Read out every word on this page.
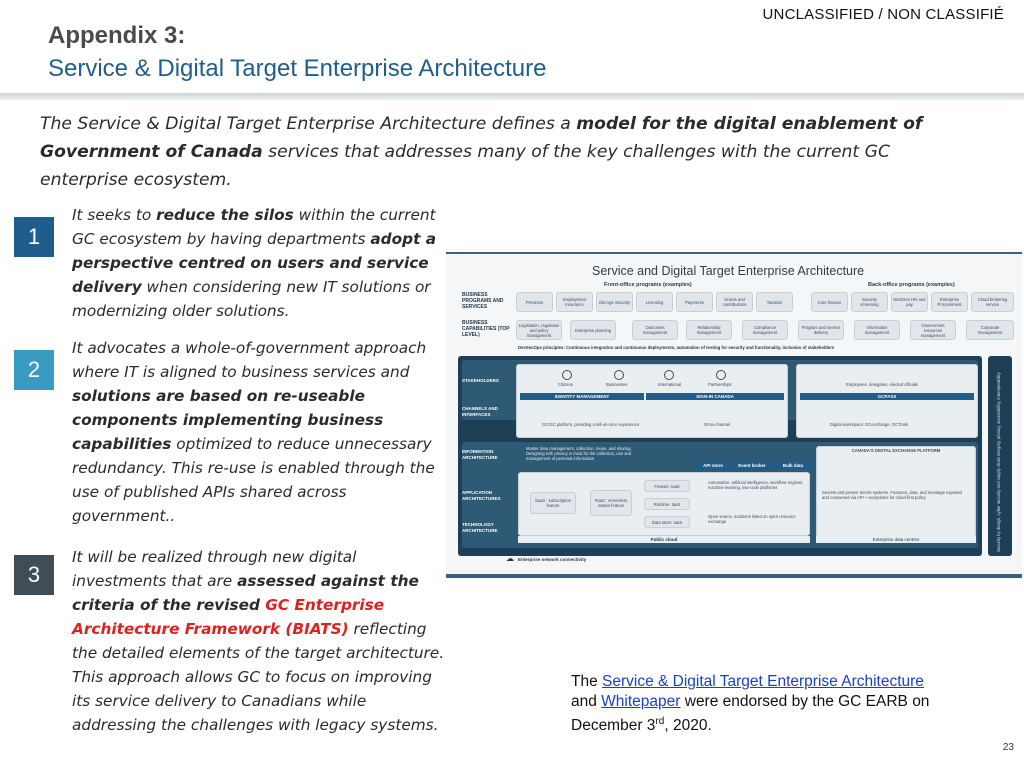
UNCLASSIFIED / NON CLASSIFIÉ
Appendix 3:
Service & Digital Target Enterprise Architecture
The Service & Digital Target Enterprise Architecture defines a model for the digital enablement of Government of Canada services that addresses many of the key challenges with the current GC enterprise ecosystem.
1
It seeks to reduce the silos within the current GC ecosystem by having departments adopt a perspective centred on users and service delivery when considering new IT solutions or modernizing older solutions.
2
It advocates a whole-of-government approach where IT is aligned to business services and solutions are based on re-useable components implementing business capabilities optimized to reduce unnecessary redundancy. This re-use is enabled through the use of published APIs shared across government..
3
It will be realized through new digital investments that are assessed against the criteria of the revised GC Enterprise Architecture Framework (BIATS) reflecting the detailed elements of the target architecture. This approach allows GC to focus on improving its service delivery to Canadians while addressing the challenges with legacy systems.
Service and Digital Target Enterprise Architecture
Front-office programs (examples)	Back-office programs (examples)
BUSINESS PROGRAMS AND SERVICES
BUSINESS CAPABILITIES (TOP LEVEL)
Pensions	Employment Insurance	Old Age Security	Licensing	Payments	Grants and contributions	Taxation	Core finance	Security screening
NextGen HR and pay
Enterprise Procurement
Cloud brokering service
Legislation, regulation and policy management
Enterprise planning	Outcomes management
Relationship management
Compliance management
Program and service delivery
Information management
Government resources management
Corporate management
DevSecOps principles: Continuous integration and continuous deployments, automation of testing for security and functionality, inclusion of stakeholders
STAKEHOLDERS
CHANNELS AND INTERFACES
INFORMATION ARCHITECTURE
APPLICATION ARCHITECTURES
TECHNOLOGY ARCHITECTURE
Citizens	Businesses	International	Partnerships	Employees, delegates, elected officials
IDENTITY MANAGEMENT	SIGN-IN CANADA	GCPASS
GC/GC platform, providing a tell-us-once experience	Omni-channel	Digital workspace: GCexchange, GCTools
Master data management, collection, reuse, and sharing. Designing with privacy in mind for the collection, use and management of personal information
CANADA'S DIGITAL EXCHANGE PLATFORM
API store	Event broker	Bulk data
SaaS : subscription feature
PaaS : serverless instant feature
Feature: IaaS
Runtime: IaaS
Data store: IaaS
Automation: artificial intelligence, workflow engines, machine learning, low-code platforms
Open source, solutions listed on open resource exchange
Secrets and proven Secret systems. Features, data, and message exposed and consumed via API + exceptions for cloud-first policy
Public cloud	Enterprise data centres	Security by design, cyber security and supply chain integrity, privacy, accessibility, interoperability
☁ Enterprise network connectivity
The Service & Digital Target Enterprise Architecture and Whitepaper were endorsed by the GC EARB on December 3rd, 2020.
23
